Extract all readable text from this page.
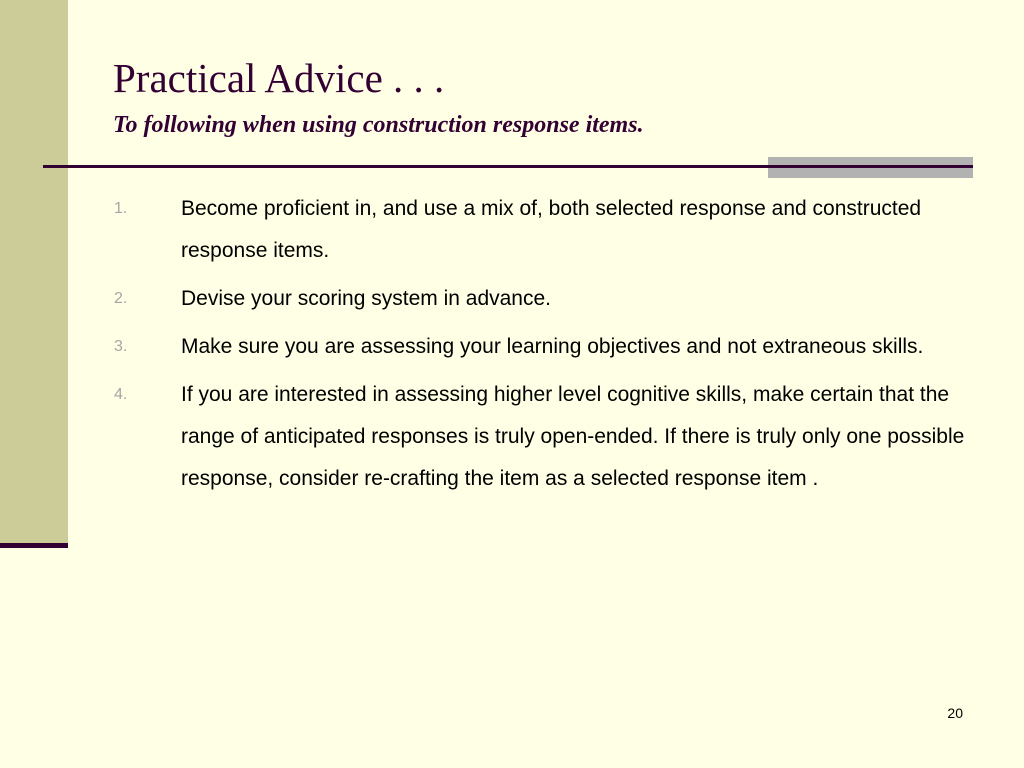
Practical Advice . . .
To following when using construction response items.
1.	Become proficient in, and use a mix of, both selected response and constructed response items.
2.	Devise your scoring system in advance.
3.	Make sure you are assessing your learning objectives and not extraneous skills.
4.	If you are interested in assessing higher level cognitive skills, make certain that the range of anticipated responses is truly open-ended. If there is truly only one possible response, consider re-crafting the item as a selected response item .
20
